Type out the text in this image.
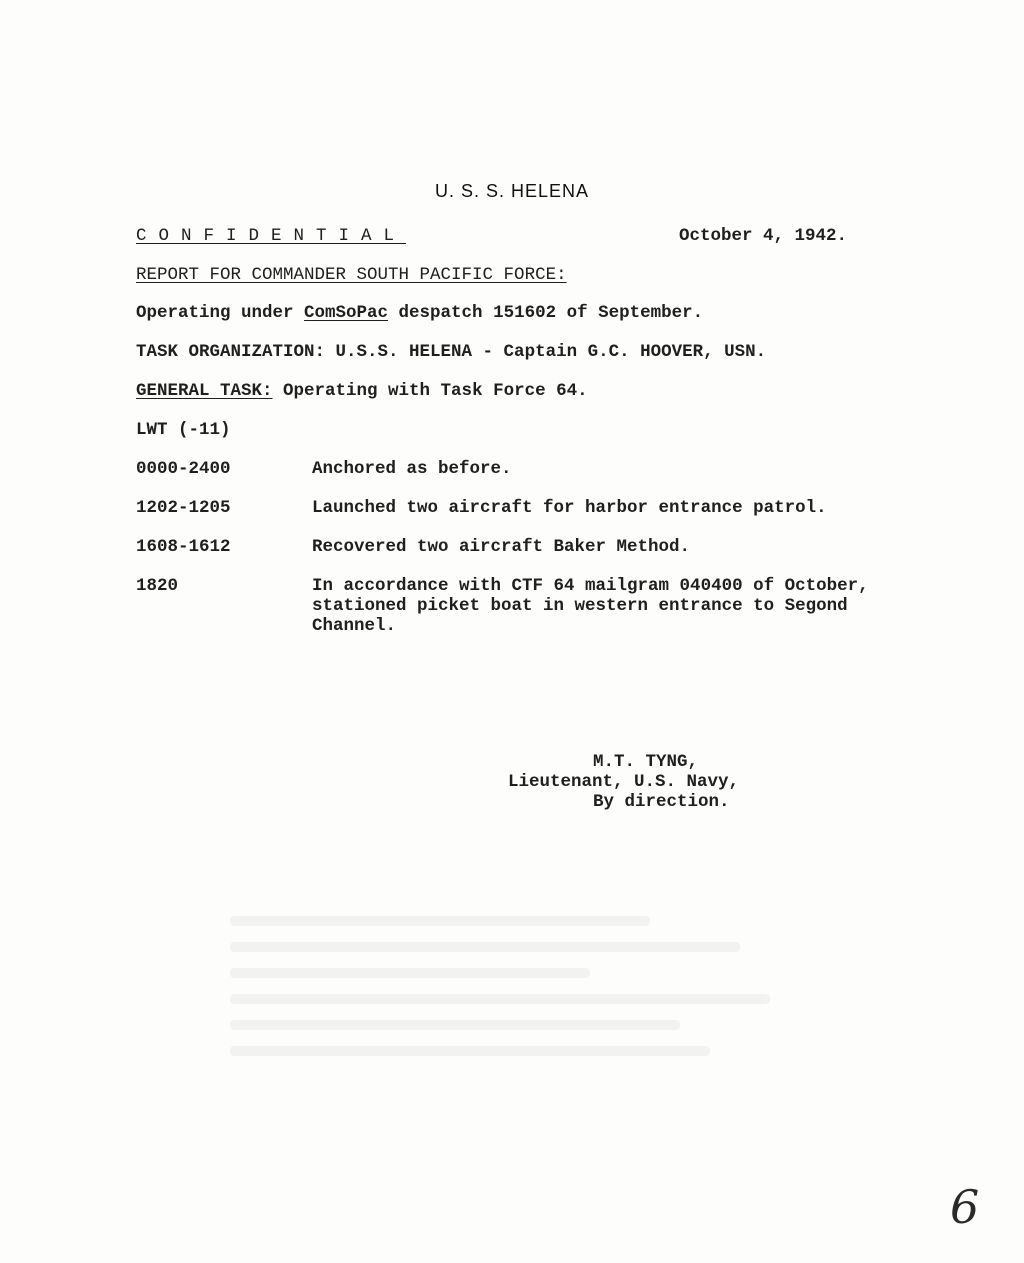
U. S. S. HELENA
CONFIDENTIAL	October 4, 1942.
REPORT FOR COMMANDER SOUTH PACIFIC FORCE:
Operating under ComSoPac despatch 151602 of September.
TASK ORGANIZATION: U.S.S. HELENA - Captain G.C. HOOVER, USN.
GENERAL TASK: Operating with Task Force 64.
LWT (-11)
0000-2400	Anchored as before.
1202-1205	Launched two aircraft for harbor entrance patrol.
1608-1612	Recovered two aircraft Baker Method.
1820	In accordance with CTF 64 mailgram 040400 of October,
stationed picket boat in western entrance to Segond
Channel.
M.T. TYNG,
Lieutenant, U.S. Navy,
By direction.
6
